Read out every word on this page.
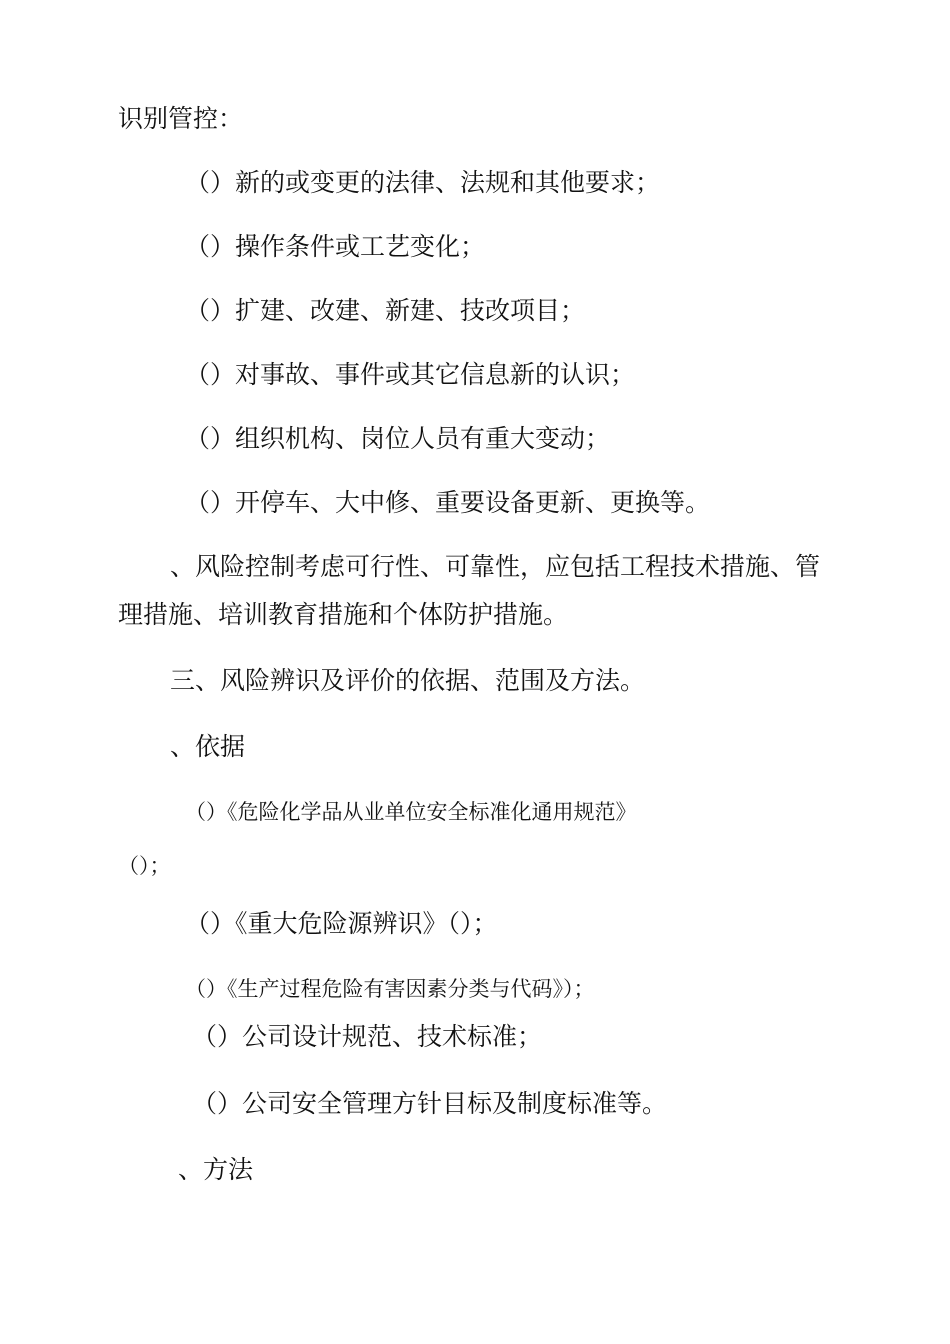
识别管控：
（）新的或变更的法律、法规和其他要求；
（）操作条件或工艺变化；
（）扩建、改建、新建、技改项目；
（）对事故、事件或其它信息新的认识；
（）组织机构、岗位人员有重大变动；
（）开停车、大中修、重要设备更新、更换等。
、风险控制考虑可行性、可靠性，应包括工程技术措施、管
理措施、培训教育措施和个体防护措施。
三、风险辨识及评价的依据、范围及方法。
、依据
（）《危险化学品从业单位安全标准化通用规范》
（）；
（）《重大危险源辨识》（）；
（）《生产过程危险有害因素分类与代码》）；
（）公司设计规范、技术标准；
（）公司安全管理方针目标及制度标准等。
、方法
